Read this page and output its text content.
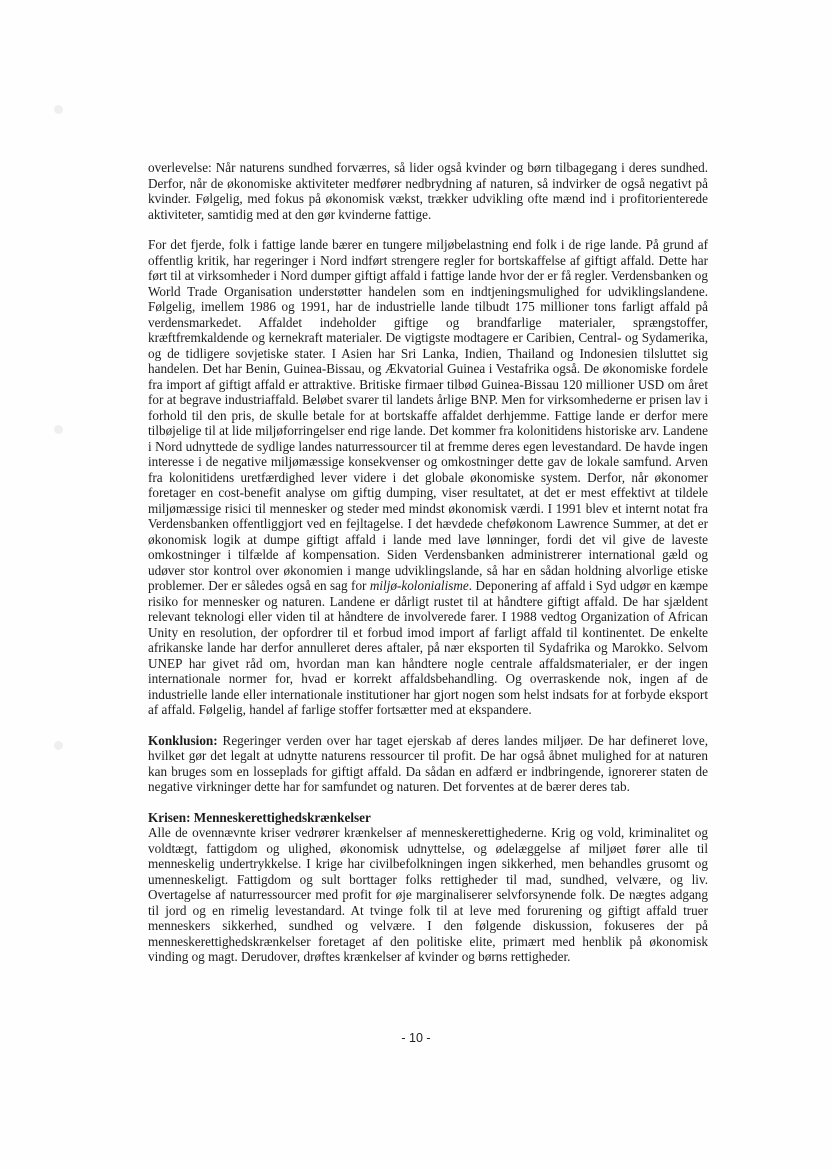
overlevelse: Når naturens sundhed forværres, så lider også kvinder og børn tilbagegang i deres sundhed. Derfor, når de økonomiske aktiviteter medfører nedbrydning af naturen, så indvirker de også negativt på kvinder. Følgelig, med fokus på økonomisk vækst, trækker udvikling ofte mænd ind i profitorienterede aktiviteter, samtidig med at den gør kvinderne fattige.

For det fjerde, folk i fattige lande bærer en tungere miljøbelastning end folk i de rige lande. På grund af offentlig kritik, har regeringer i Nord indført strengere regler for bortskaffelse af giftigt affald. Dette har ført til at virksomheder i Nord dumper giftigt affald i fattige lande hvor der er få regler. Verdensbanken og World Trade Organisation understøtter handelen som en indtjeningsmulighed for udviklingslandene. Følgelig, imellem 1986 og 1991, har de industrielle lande tilbudt 175 millioner tons farligt affald på verdensmarkedet. Affaldet indeholder giftige og brandfarlige materialer, sprængstoffer, kræftfremkaldende og kernekraft materialer. De vigtigste modtagere er Caribien, Central- og Sydamerika, og de tidligere sovjetiske stater. I Asien har Sri Lanka, Indien, Thailand og Indonesien tilsluttet sig handelen. Det har Benin, Guinea-Bissau, og Ækvatorial Guinea i Vestafrika også. De økonomiske fordele fra import af giftigt affald er attraktive. Britiske firmaer tilbød Guinea-Bissau 120 millioner USD om året for at begrave industriaffald. Beløbet svarer til landets årlige BNP. Men for virksomhederne er prisen lav i forhold til den pris, de skulle betale for at bortskaffe affaldet derhjemme. Fattige lande er derfor mere tilbøjelige til at lide miljøforringelser end rige lande. Det kommer fra kolonitidens historiske arv. Landene i Nord udnyttede de sydlige landes naturressourcer til at fremme deres egen levestandard. De havde ingen interesse i de negative miljømæssige konsekvenser og omkostninger dette gav de lokale samfund. Arven fra kolonitidens uretfærdighed lever videre i det globale økonomiske system. Derfor, når økonomer foretager en cost-benefit analyse om giftig dumping, viser resultatet, at det er mest effektivt at tildele miljømæssige risici til mennesker og steder med mindst økonomisk værdi. I 1991 blev et internt notat fra Verdensbanken offentliggjort ved en fejltagelse. I det hævdede cheføkonom Lawrence Summer, at det er økonomisk logik at dumpe giftigt affald i lande med lave lønninger, fordi det vil give de laveste omkostninger i tilfælde af kompensation. Siden Verdensbanken administrerer international gæld og udøver stor kontrol over økonomien i mange udviklingslande, så har en sådan holdning alvorlige etiske problemer. Der er således også en sag for miljø-kolonialisme. Deponering af affald i Syd udgør en kæmpe risiko for mennesker og naturen. Landene er dårligt rustet til at håndtere giftigt affald. De har sjældent relevant teknologi eller viden til at håndtere de involverede farer. I 1988 vedtog Organization of African Unity en resolution, der opfordrer til et forbud imod import af farligt affald til kontinentet. De enkelte afrikanske lande har derfor annulleret deres aftaler, på nær eksporten til Sydafrika og Marokko. Selvom UNEP har givet råd om, hvordan man kan håndtere nogle centrale affaldsmaterialer, er der ingen internationale normer for, hvad er korrekt affaldsbehandling. Og overraskende nok, ingen af de industrielle lande eller internationale institutioner har gjort nogen som helst indsats for at forbyde eksport af affald. Følgelig, handel af farlige stoffer fortsætter med at ekspandere.

Konklusion: Regeringer verden over har taget ejerskab af deres landes miljøer. De har defineret love, hvilket gør det legalt at udnytte naturens ressourcer til profit. De har også åbnet mulighed for at naturen kan bruges som en losseplads for giftigt affald. Da sådan en adfærd er indbringende, ignorerer staten de negative virkninger dette har for samfundet og naturen. Det forventes at de bærer deres tab.

Krisen: Menneskerettighedskrænkelser

Alle de ovennævnte kriser vedrører krænkelser af menneskerettighederne. Krig og vold, kriminalitet og voldtægt, fattigdom og ulighed, økonomisk udnyttelse, og ødelæggelse af miljøet fører alle til menneskelig undertrykkelse. I krige har civilbefolkningen ingen sikkerhed, men behandles grusomt og umenneskeligt. Fattigdom og sult borttager folks rettigheder til mad, sundhed, velvære, og liv. Overtagelse af naturressourcer med profit for øje marginaliserer selvforsynende folk. De nægtes adgang til jord og en rimelig levestandard. At tvinge folk til at leve med forurening og giftigt affald truer menneskers sikkerhed, sundhed og velvære. I den følgende diskussion, fokuseres der på menneskerettighedskrænkelser foretaget af den politiske elite, primært med henblik på økonomisk vinding og magt. Derudover, drøftes krænkelser af kvinder og børns rettigheder.

- 10 -
